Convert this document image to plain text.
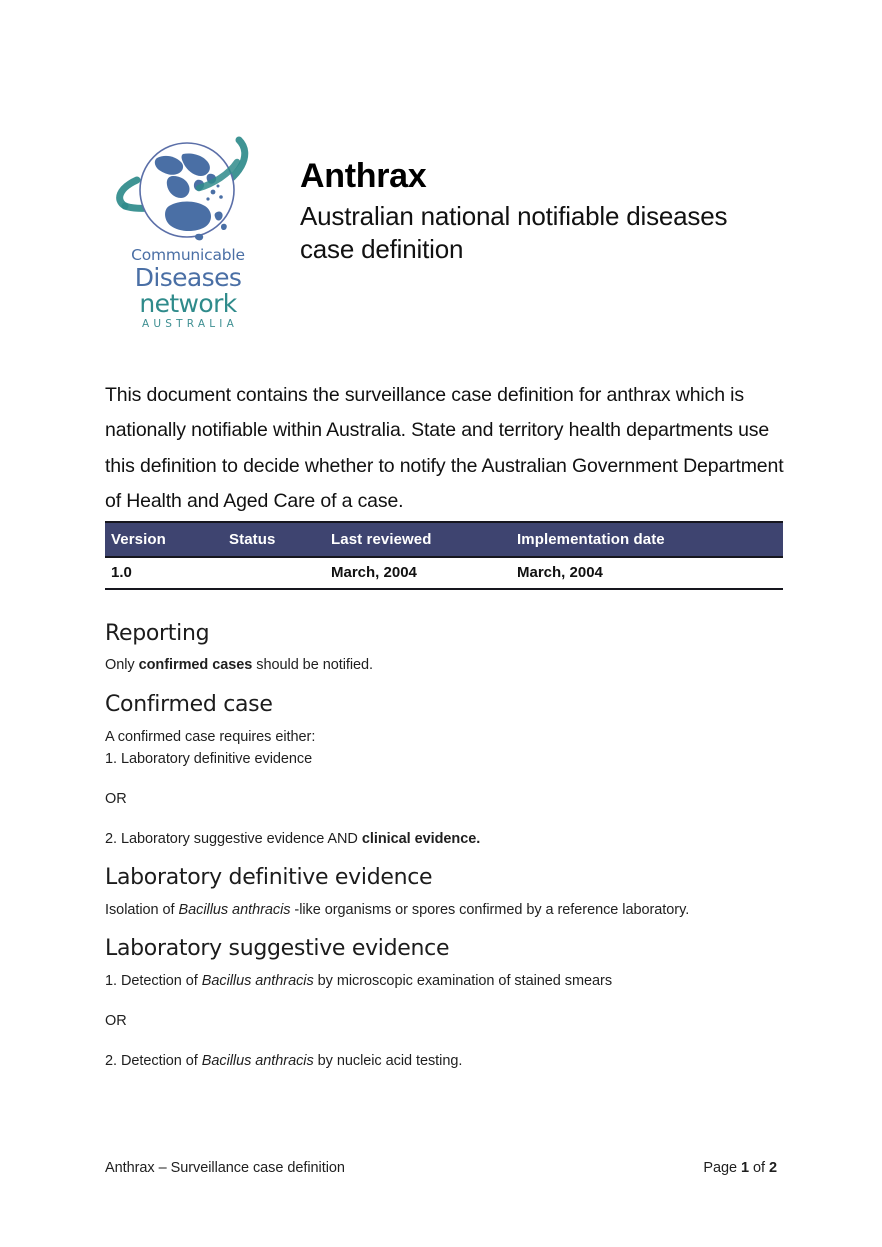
Communicable
Diseases
network
AUSTRALIA
Anthrax
Australian national notifiable diseases case definition

This document contains the surveillance case definition for anthrax which is nationally notifiable within Australia. State and territory health departments use this definition to decide whether to notify the Australian Government Department of Health and Aged Care of a case.

Version	Status	Last reviewed	Implementation date
1.0		March, 2004	March, 2004
Reporting

Only confirmed cases should be notified.

Confirmed case

A confirmed case requires either:

1. Laboratory definitive evidence

OR

2. Laboratory suggestive evidence AND clinical evidence.

Laboratory definitive evidence

Isolation of Bacillus anthracis -like organisms or spores confirmed by a reference laboratory.

Laboratory suggestive evidence

1. Detection of Bacillus anthracis by microscopic examination of stained smears

OR

2. Detection of Bacillus anthracis by nucleic acid testing.

Anthrax – Surveillance case definition	Page 1 of 2
